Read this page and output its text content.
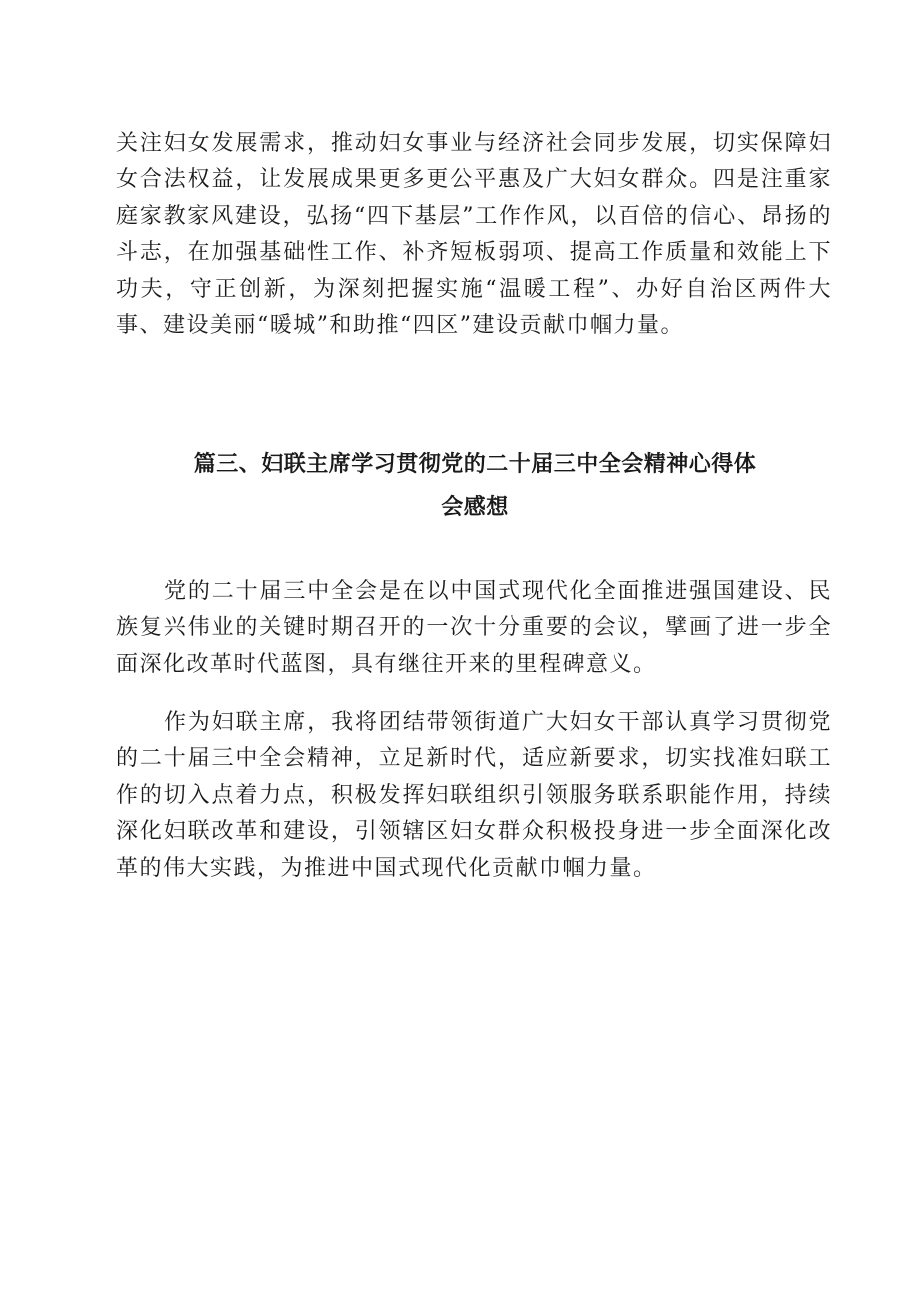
关注妇女发展需求，推动妇女事业与经济社会同步发展，切实保障妇女合法权益，让发展成果更多更公平惠及广大妇女群众。四是注重家庭家教家风建设，弘扬“四下基层”工作作风，以百倍的信心、昂扬的斗志，在加强基础性工作、补齐短板弱项、提高工作质量和效能上下功夫，守正创新，为深刻把握实施“温暖工程”、办好自治区两件大事、建设美丽“暖城”和助推“四区”建设贡献巾帼力量。

篇三、妇联主席学习贯彻党的二十届三中全会精神心得体
会感想

党的二十届三中全会是在以中国式现代化全面推进强国建设、民族复兴伟业的关键时期召开的一次十分重要的会议，擘画了进一步全面深化改革时代蓝图，具有继往开来的里程碑意义。

作为妇联主席，我将团结带领街道广大妇女干部认真学习贯彻党的二十届三中全会精神，立足新时代，适应新要求，切实找准妇联工作的切入点着力点，积极发挥妇联组织引领服务联系职能作用，持续深化妇联改革和建设，引领辖区妇女群众积极投身进一步全面深化改革的伟大实践，为推进中国式现代化贡献巾帼力量。
